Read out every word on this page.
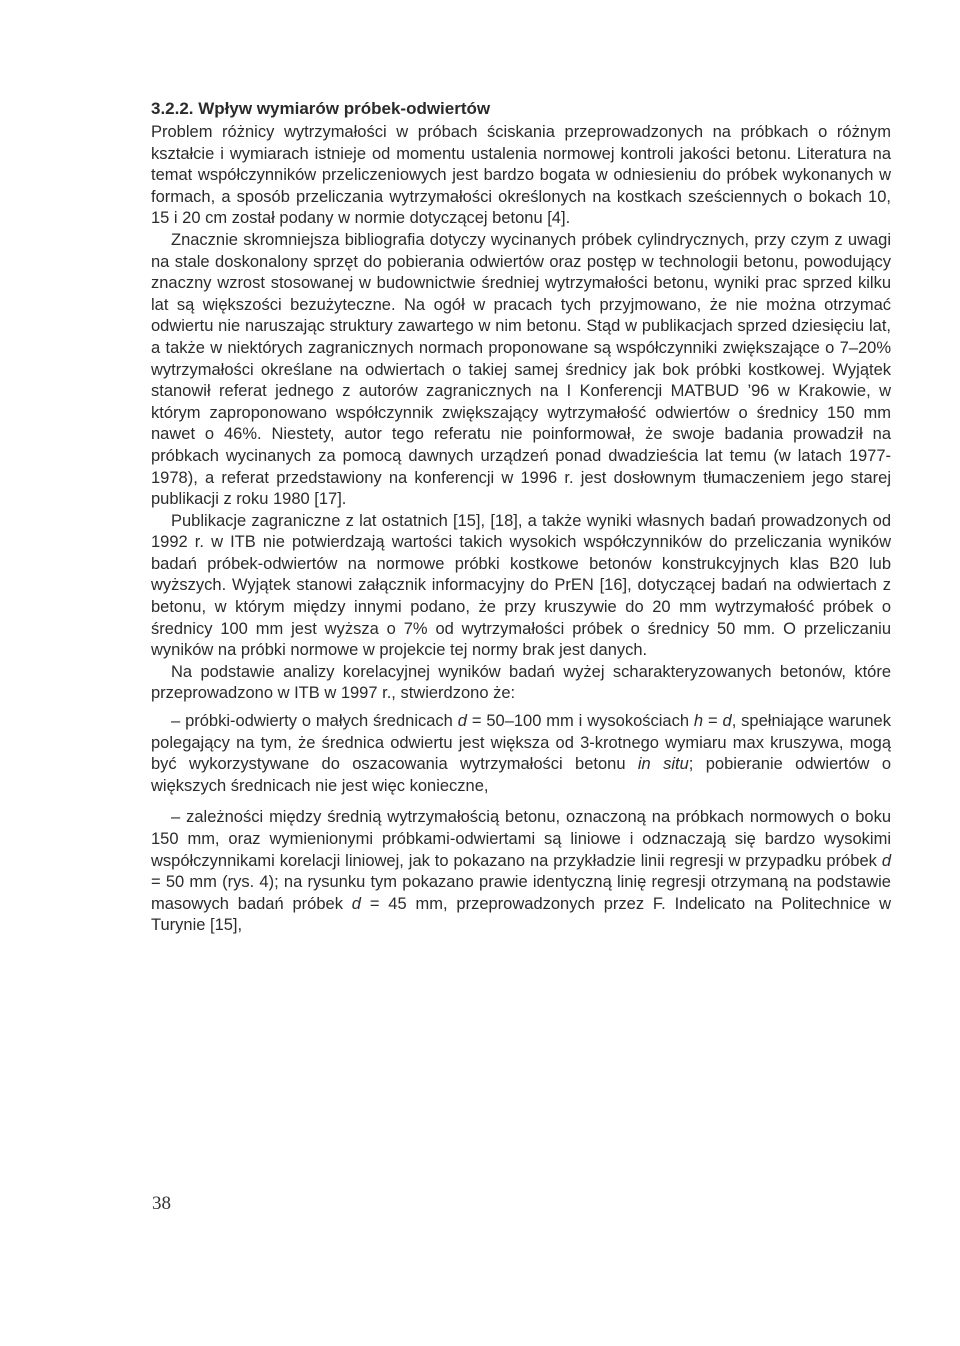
3.2.2. Wpływ wymiarów próbek-odwiertów

Problem różnicy wytrzymałości w próbach ściskania przeprowadzonych na próbkach o różnym kształcie i wymiarach istnieje od momentu ustalenia normowej kontroli jakości betonu. Literatura na temat współczynników przeliczeniowych jest bardzo bogata w odniesieniu do próbek wykonanych w formach, a sposób przeliczania wytrzymałości określonych na kostkach sześciennych o bokach 10, 15 i 20 cm został podany w normie dotyczącej betonu [4].

Znacznie skromniejsza bibliografia dotyczy wycinanych próbek cylindrycznych, przy czym z uwagi na stale doskonalony sprzęt do pobierania odwiertów oraz postęp w technologii betonu, powodujący znaczny wzrost stosowanej w budownictwie średniej wytrzymałości betonu, wyniki prac sprzed kilku lat są większości bezużyteczne. Na ogół w pracach tych przyjmowano, że nie można otrzymać odwiertu nie naruszając struktury zawartego w nim betonu. Stąd w publikacjach sprzed dziesięciu lat, a także w niektórych zagranicznych normach proponowane są współczynniki zwiększające o 7–20% wytrzymałości określane na odwiertach o takiej samej średnicy jak bok próbki kostkowej. Wyjątek stanowił referat jednego z autorów zagranicznych na I Konferencji MATBUD ’96 w Krakowie, w którym zaproponowano współczynnik zwiększający wytrzymałość odwiertów o średnicy 150 mm nawet o 46%. Niestety, autor tego referatu nie poinformował, że swoje badania prowadził na próbkach wycinanych za pomocą dawnych urządzeń ponad dwadzieścia lat temu (w latach 1977-1978), a referat przedstawiony na konferencji w 1996 r. jest dosłownym tłumaczeniem jego starej publikacji z roku 1980 [17].

Publikacje zagraniczne z lat ostatnich [15], [18], a także wyniki własnych badań prowadzonych od 1992 r. w ITB nie potwierdzają wartości takich wysokich współczynników do przeliczania wyników badań próbek-odwiertów na normowe próbki kostkowe betonów konstrukcyjnych klas B20 lub wyższych. Wyjątek stanowi załącznik informacyjny do PrEN [16], dotyczącej badań na odwiertach z betonu, w którym między innymi podano, że przy kruszywie do 20 mm wytrzymałość próbek o średnicy 100 mm jest wyższa o 7% od wytrzymałości próbek o średnicy 50 mm. O przeliczaniu wyników na próbki normowe w projekcie tej normy brak jest danych.

Na podstawie analizy korelacyjnej wyników badań wyżej scharakteryzowanych betonów, które przeprowadzono w ITB w 1997 r., stwierdzono że:

– próbki-odwierty o małych średnicach d = 50–100 mm i wysokościach h = d, spełniające warunek polegający na tym, że średnica odwiertu jest większa od 3-krotnego wymiaru max kruszywa, mogą być wykorzystywane do oszacowania wytrzymałości betonu in situ; pobieranie odwiertów o większych średnicach nie jest więc konieczne,

– zależności między średnią wytrzymałością betonu, oznaczoną na próbkach normowych o boku 150 mm, oraz wymienionymi próbkami-odwiertami są liniowe i odznaczają się bardzo wysokimi współczynnikami korelacji liniowej, jak to pokazano na przykładzie linii regresji w przypadku próbek d = 50 mm (rys. 4); na rysunku tym pokazano prawie identyczną linię regresji otrzymaną na podstawie masowych badań próbek d = 45 mm, przeprowadzonych przez F. Indelicato na Politechnice w Turynie [15],

38
